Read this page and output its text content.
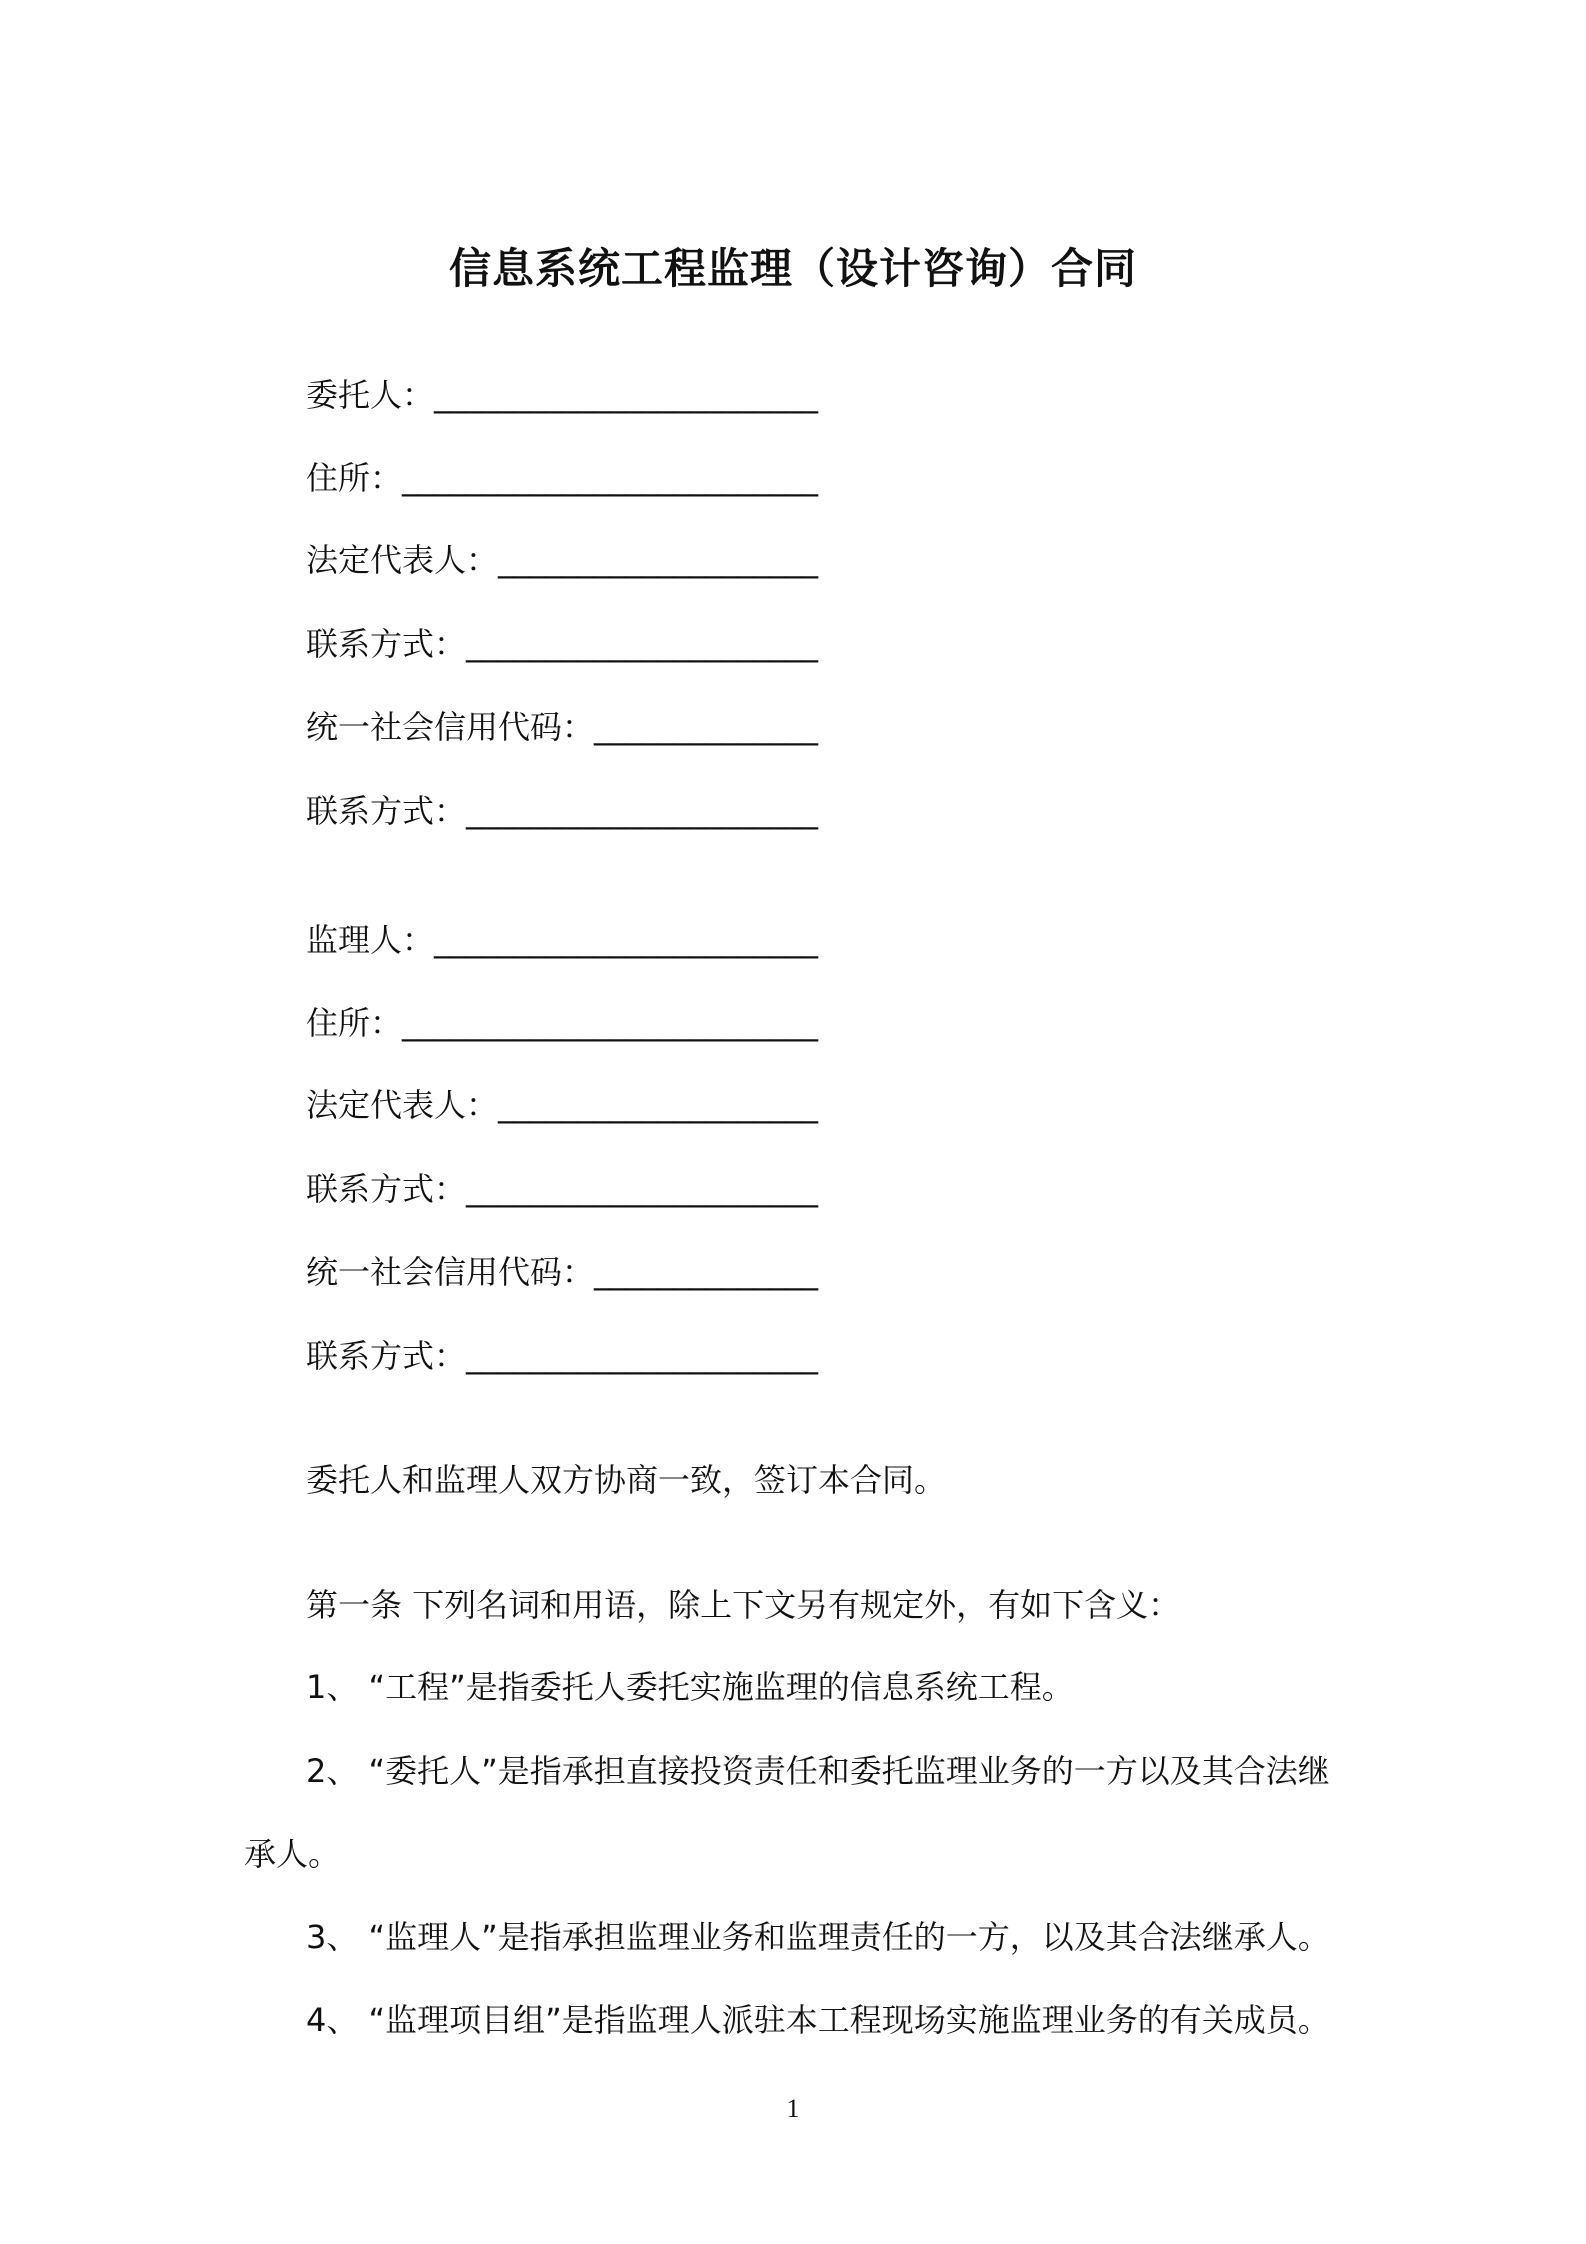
信息系统工程监理（设计咨询）合同
委托人：________________________
住所：__________________________
法定代表人：____________________
联系方式：______________________
统一社会信用代码：______________
联系方式：______________________
监理人：________________________
住所：__________________________
法定代表人：____________________
联系方式：______________________
统一社会信用代码：______________
联系方式：______________________
委托人和监理人双方协商一致，签订本合同。
第一条 下列名词和用语，除上下文另有规定外，有如下含义：
1、 “工程”是指委托人委托实施监理的信息系统工程。
2、 “委托人”是指承担直接投资责任和委托监理业务的一方以及其合法继
承人。
3、 “监理人”是指承担监理业务和监理责任的一方，以及其合法继承人。
4、 “监理项目组”是指监理人派驻本工程现场实施监理业务的有关成员。
1
